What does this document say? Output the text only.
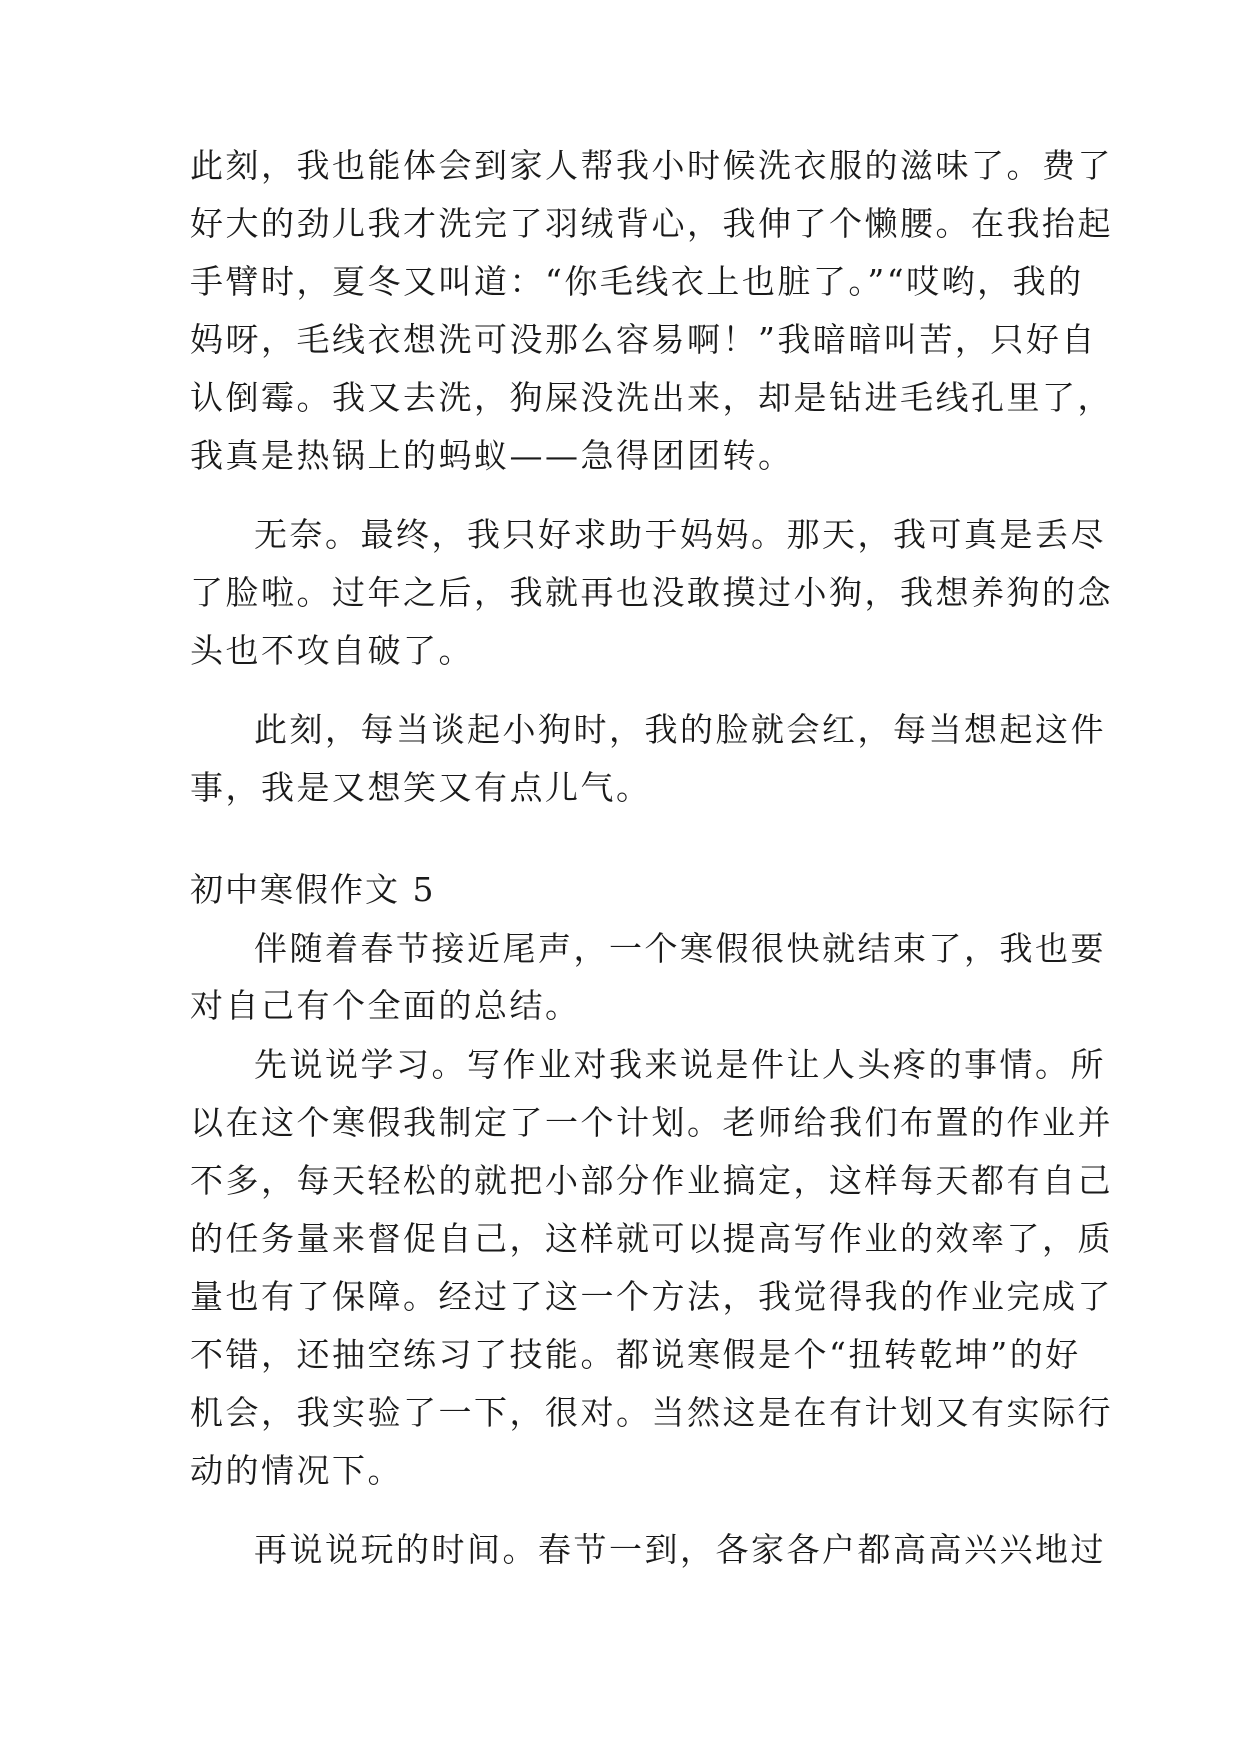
此刻，我也能体会到家人帮我小时候洗衣服的滋味了。费了
好大的劲儿我才洗完了羽绒背心，我伸了个懒腰。在我抬起
手臂时，夏冬又叫道：“你毛线衣上也脏了。”“哎哟，我的
妈呀，毛线衣想洗可没那么容易啊！”我暗暗叫苦，只好自
认倒霉。我又去洗，狗屎没洗出来，却是钻进毛线孔里了，
我真是热锅上的蚂蚁——急得团团转。
无奈。最终，我只好求助于妈妈。那天，我可真是丢尽
了脸啦。过年之后，我就再也没敢摸过小狗，我想养狗的念
头也不攻自破了。
此刻，每当谈起小狗时，我的脸就会红，每当想起这件
事，我是又想笑又有点儿气。
初中寒假作文 5
伴随着春节接近尾声，一个寒假很快就结束了，我也要
对自己有个全面的总结。
先说说学习。写作业对我来说是件让人头疼的事情。所
以在这个寒假我制定了一个计划。老师给我们布置的作业并
不多，每天轻松的就把小部分作业搞定，这样每天都有自己
的任务量来督促自己，这样就可以提高写作业的效率了，质
量也有了保障。经过了这一个方法，我觉得我的作业完成了
不错，还抽空练习了技能。都说寒假是个“扭转乾坤”的好
机会，我实验了一下，很对。当然这是在有计划又有实际行
动的情况下。
再说说玩的时间。春节一到，各家各户都高高兴兴地过
